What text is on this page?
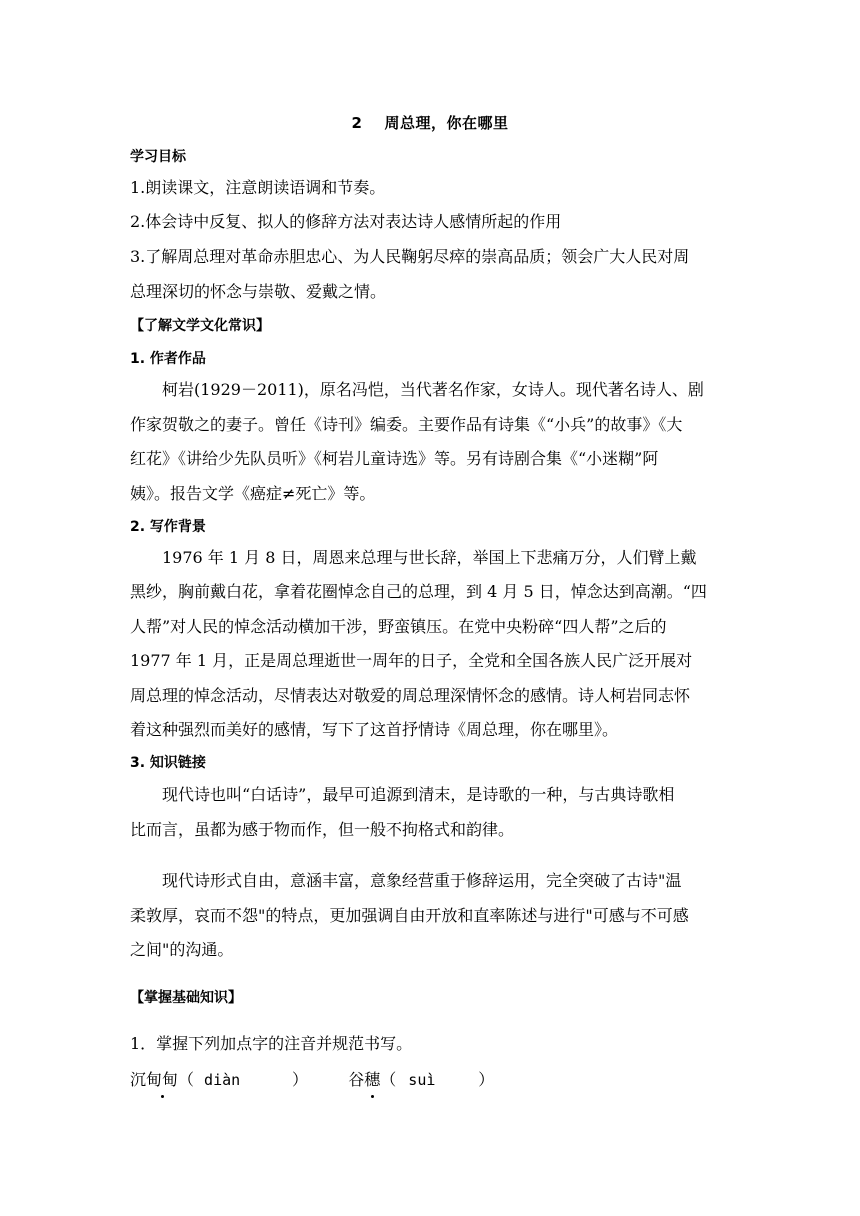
2 周总理，你在哪里
学习目标
1.朗读课文，注意朗读语调和节奏。
2.体会诗中反复、拟人的修辞方法对表达诗人感情所起的作用
3.了解周总理对革命赤胆忠心、为人民鞠躬尽瘁的崇高品质；领会广大人民对周
总理深切的怀念与崇敬、爱戴之情。
【了解文学文化常识】
1. 作者作品
柯岩(1929－2011)，原名冯恺，当代著名作家，女诗人。现代著名诗人、剧
作家贺敬之的妻子。曾任《诗刊》编委。主要作品有诗集《“小兵”的故事》《大
红花》《讲给少先队员听》《柯岩儿童诗选》等。另有诗剧合集《“小迷糊”阿
姨》。报告文学《癌症≠死亡》等。
2. 写作背景
1976 年 1 月 8 日，周恩来总理与世长辞，举国上下悲痛万分，人们臂上戴
黑纱，胸前戴白花，拿着花圈悼念自己的总理，到 4 月 5 日，悼念达到高潮。“四
人帮”对人民的悼念活动横加干涉，野蛮镇压。在党中央粉碎“四人帮”之后的
1977 年 1 月，正是周总理逝世一周年的日子，全党和全国各族人民广泛开展对
周总理的悼念活动，尽情表达对敬爱的周总理深情怀念的感情。诗人柯岩同志怀
着这种强烈而美好的感情，写下了这首抒情诗《周总理，你在哪里》。
3. 知识链接
现代诗也叫“白话诗”，最早可追源到清末，是诗歌的一种，与古典诗歌相
比而言，虽都为感于物而作，但一般不拘格式和韵律。
现代诗形式自由，意涵丰富，意象经营重于修辞运用，完全突破了古诗"温
柔敦厚，哀而不怨"的特点，更加强调自由开放和直率陈述与进行"可感与不可感
之间"的沟通。
【掌握基础知识】
1．掌握下列加点字的注音并规范书写。
沉甸甸（ diàn	）	谷穗（ suì	）
